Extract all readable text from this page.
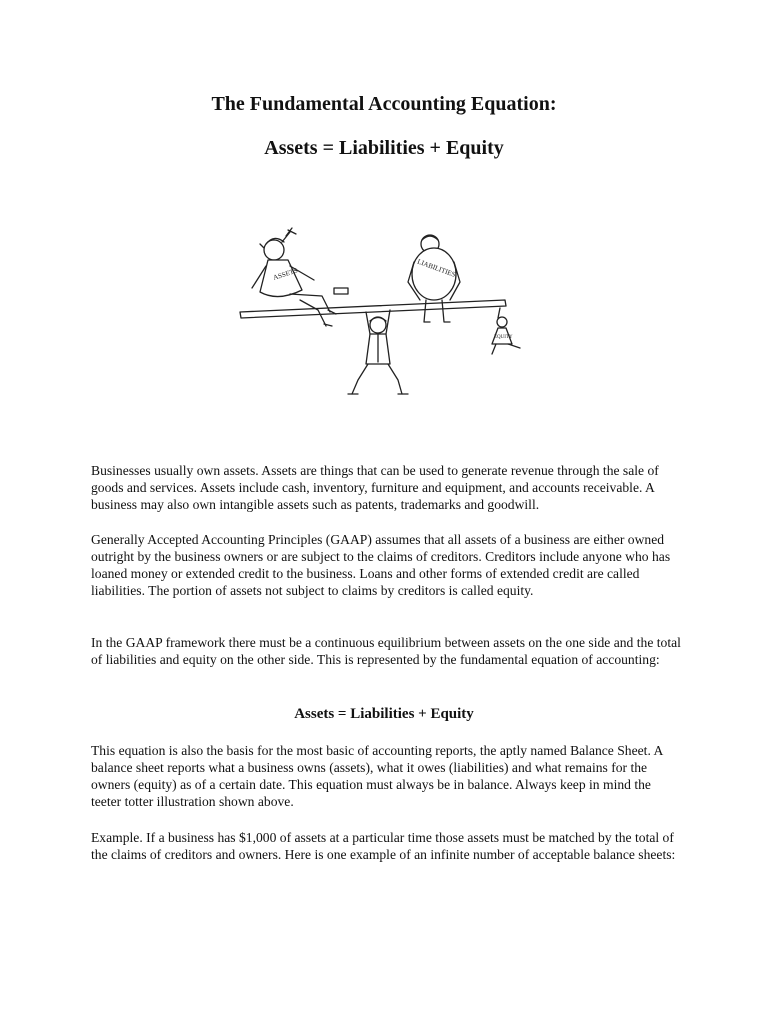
The Fundamental Accounting Equation:
Assets = Liabilities + Equity
ASSETS	LIABILITIES
EQUITY

Businesses usually own assets. Assets are things that can be used to generate revenue through the sale of goods and services. Assets include cash, inventory, furniture and equipment, and accounts receivable. A business may also own intangible assets such as patents, trademarks and goodwill.

Generally Accepted Accounting Principles (GAAP) assumes that all assets of a business are either owned outright by the business owners or are subject to the claims of creditors. Creditors include anyone who has loaned money or extended credit to the business. Loans and other forms of extended credit are called liabilities. The portion of assets not subject to claims by creditors is called equity.

In the GAAP framework there must be a continuous equilibrium between assets on the one side and the total of liabilities and equity on the other side. This is represented by the fundamental equation of accounting:

Assets = Liabilities + Equity

This equation is also the basis for the most basic of accounting reports, the aptly named Balance Sheet. A balance sheet reports what a business owns (assets), what it owes (liabilities) and what remains for the owners (equity) as of a certain date. This equation must always be in balance. Always keep in mind the teeter totter illustration shown above.

Example. If a business has $1,000 of assets at a particular time those assets must be matched by the total of the claims of creditors and owners. Here is one example of an infinite number of acceptable balance sheets:
